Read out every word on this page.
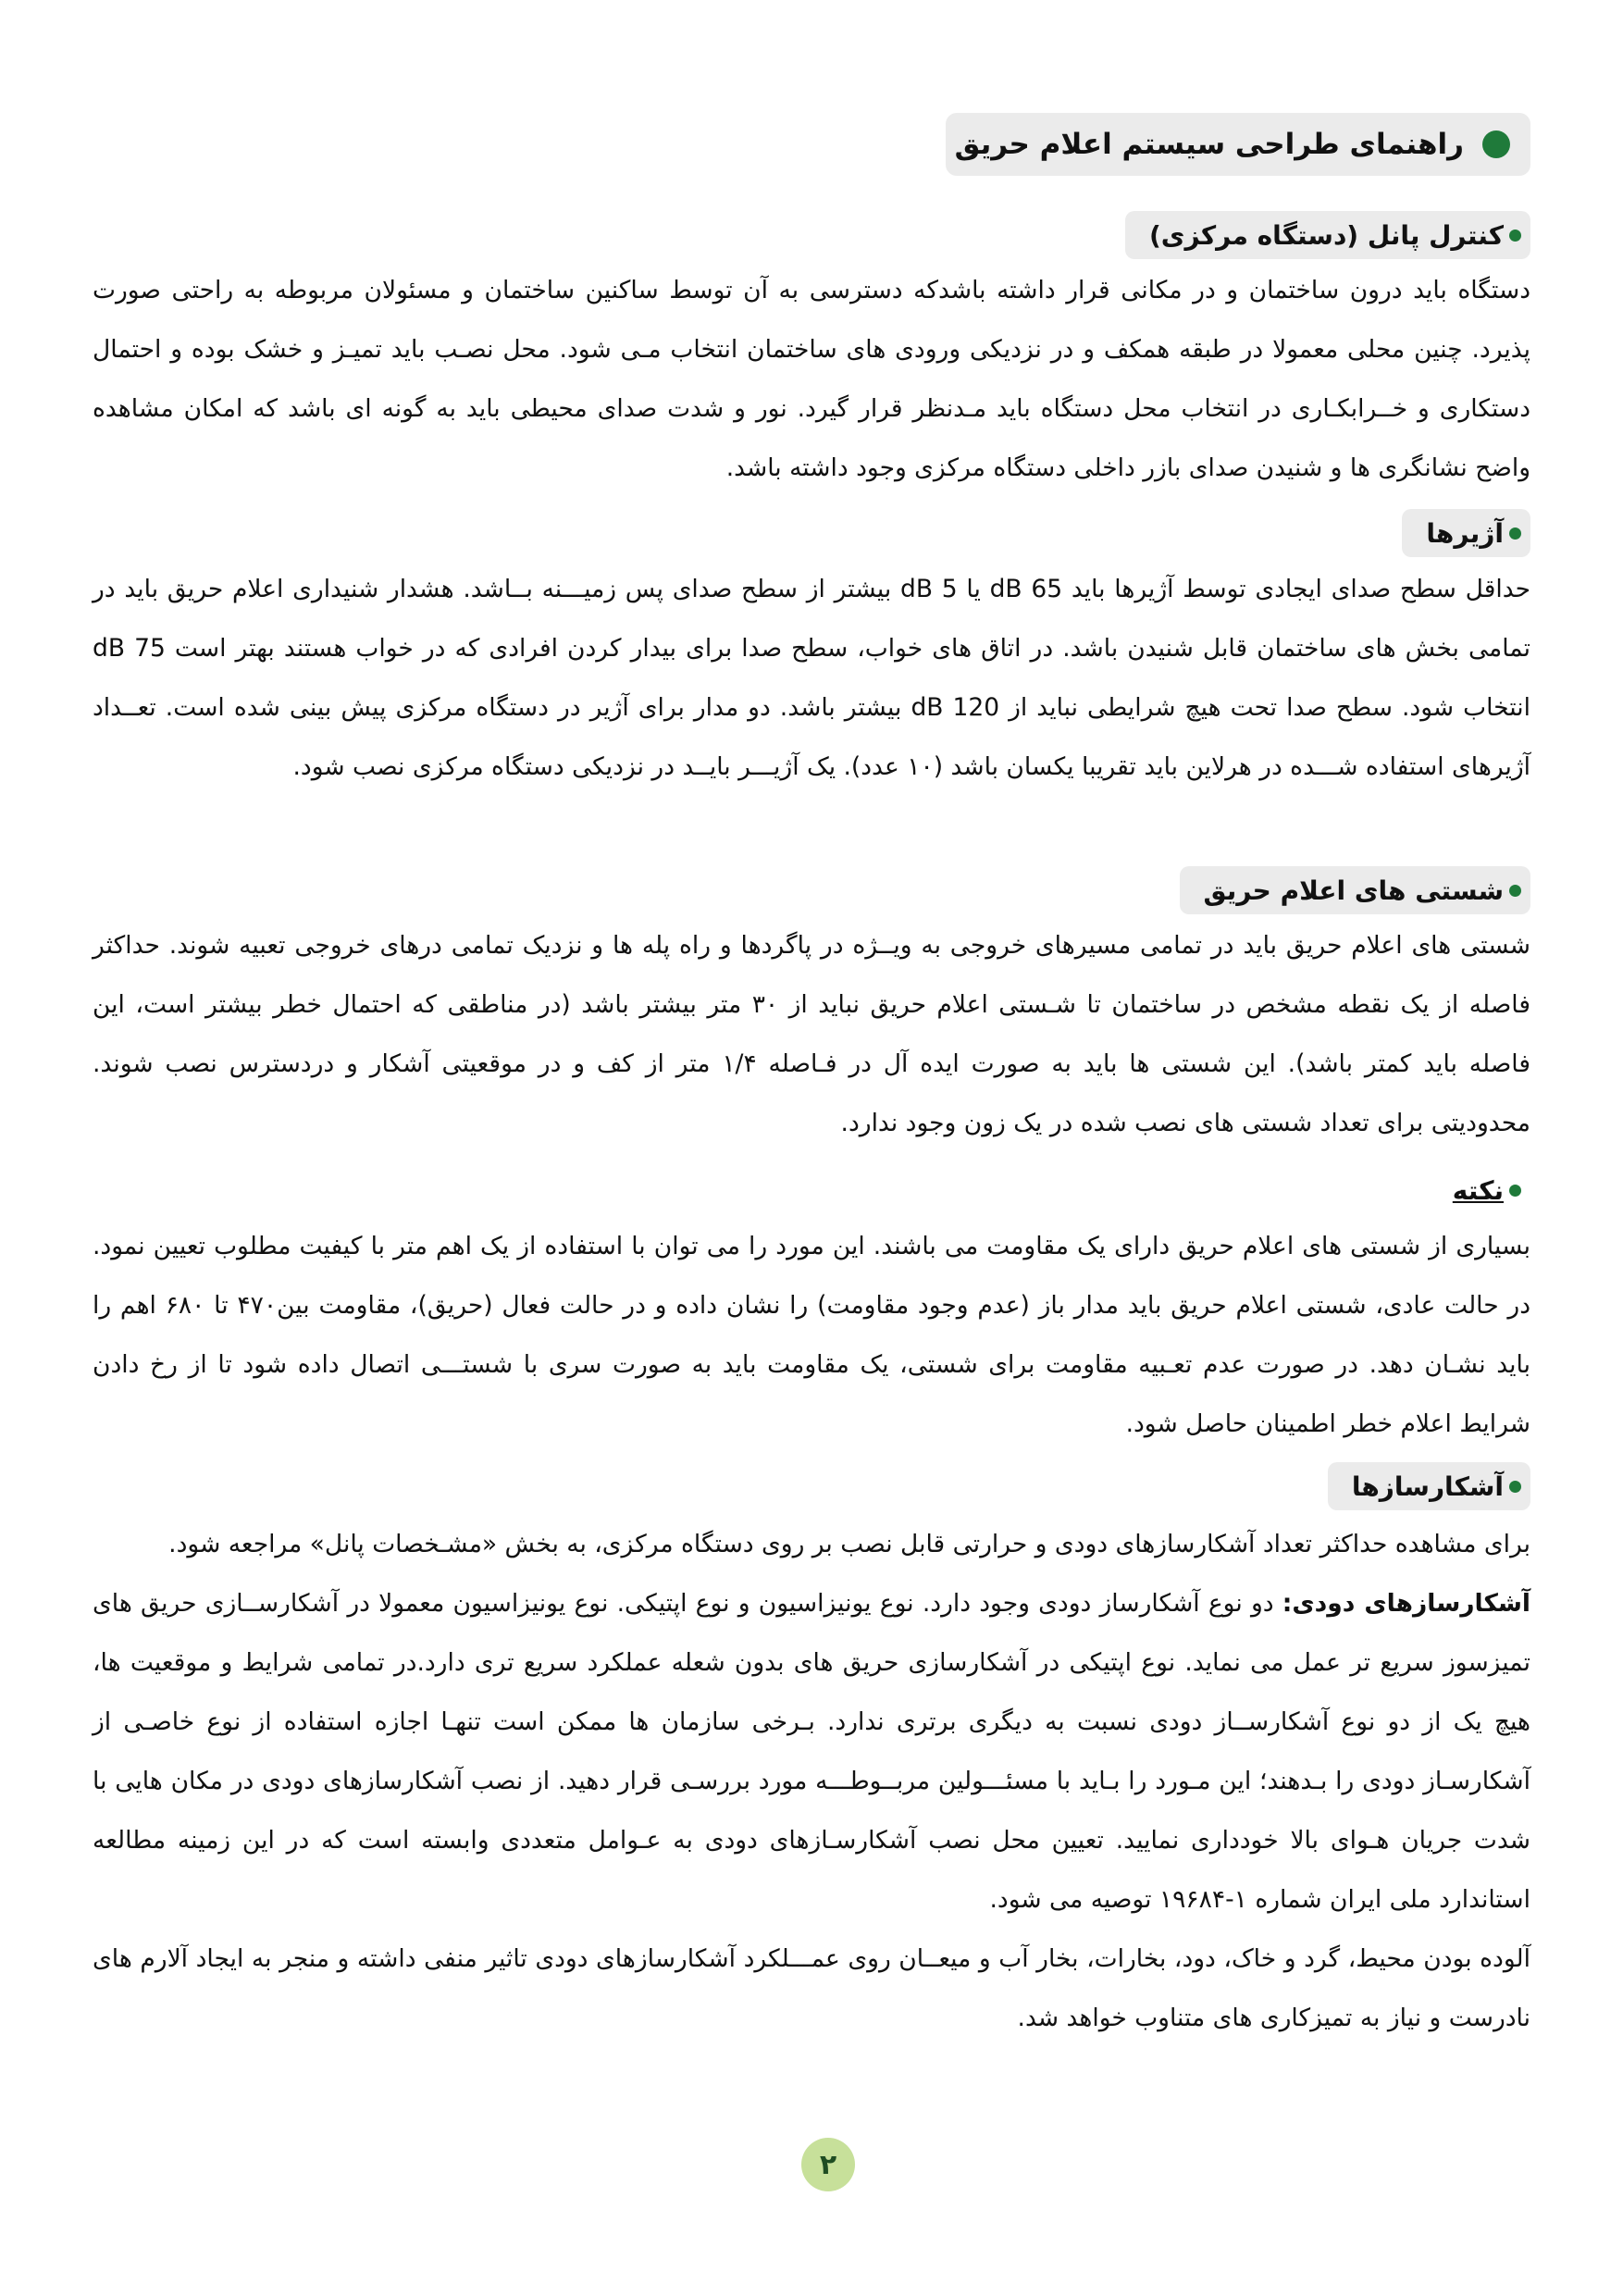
راهنمای طراحی سیستم اعلام حریق
کنترل پانل (دستگاه مرکزی)

دستگاه باید درون ساختمان و در مکانی قرار داشته باشدکه دسترسی به آن توسط ساکنین ساختمان و مسئولان مربوطه به راحتی صورت پذیرد. چنین محلی معمولا در طبقه همکف و در نزدیکی ورودی های ساختمان انتخاب مـی شود. محل نصـب باید تمیـز و خشک بوده و احتمال دستکاری و خــرابکـاری در انتخاب محل دستگاه باید مـدنظر قرار گیرد. نور و شدت صدای محیطی باید به گونه ای باشد که امکان مشاهده واضح نشانگری ها و شنیدن صدای بازر داخلی دستگاه مرکزی وجود داشته باشد.

آژیرها

حداقل سطح صدای ایجادی توسط آژیرها باید 65 dB یا 5 dB بیشتر از سطح صدای پس زمیـــنه بــاشد. هشدار شنیداری اعلام حریق باید در تمامی بخش های ساختمان قابل شنیدن باشد. در اتاق های خواب، سطح صدا برای بیدار کردن افرادی که در خواب هستند بهتر است 75 dB انتخاب شود. سطح صدا تحت هیچ شرایطی نباید از 120 dB بیشتر باشد. دو مدار برای آژیر در دستگاه مرکزی پیش بینی شده است. تعــداد آژیرهای استفاده شـــده در هرلاین باید تقریبا یکسان باشد (۱۰ عدد). یک آژیـــر بایــد در نزدیکی دستگاه مرکزی نصب شود.

شستی های اعلام حریق

شستی های اعلام حریق باید در تمامی مسیرهای خروجی به ویــژه در پاگردها و راه پله ها و نزدیک تمامی درهای خروجی تعبیه شوند. حداکثر فاصله از یک نقطه مشخص در ساختمان تا شـستی اعلام حریق نباید از ۳۰ متر بیشتر باشد (در مناطقی که احتمال خطر بیشتر است، این فاصله باید کمتر باشد). این شستی ها باید به صورت ایده آل در فـاصله ۱/۴ متر از کف و در موقعیتی آشکار و دردسترس نصب شوند. محدودیتی برای تعداد شستی های نصب شده در یک زون وجود ندارد.

نکته

بسیاری از شستی های اعلام حریق دارای یک مقاومت می باشند. این مورد را می توان با استفاده از یک اهم متر با کیفیت مطلوب تعیین نمود. در حالت عادی، شستی اعلام حریق باید مدار باز (عدم وجود مقاومت) را نشان داده و در حالت فعال (حریق)، مقاومت بین۴۷۰ تا ۶۸۰ اهم را باید نشـان دهد. در صورت عدم تعـبیه مقاومت برای شستی، یک مقاومت باید به صورت سری با شستـــی اتصال داده شود تا از رخ دادن شرایط اعلام خطر اطمینان حاصل شود.

آشکارسازها

برای مشاهده حداکثر تعداد آشکارسازهای دودی و حرارتی قابل نصب بر روی دستگاه مرکزی، به بخش «مشـخصات پانل» مراجعه شود.

آشکارسازهای دودی: دو نوع آشکارساز دودی وجود دارد. نوع یونیزاسیون و نوع اپتیکی. نوع یونیزاسیون معمولا در آشکارســازی حریق های تمیزسوز سریع تر عمل می نماید. نوع اپتیکی در آشکارسازی حریق های بدون شعله عملکرد سریع تری دارد.در تمامی شرایط و موقعیت ها، هیچ یک از دو نوع آشکارســاز دودی نسبت به دیگری برتری ندارد. بـرخی سازمان ها ممکن است تنهـا اجازه استفاده از نوع خاصـی از آشکارسـاز دودی را بـدهند؛ این مـورد را بـاید با مسئـــولین مربــوطـــه مورد بررسـی قرار دهید. از نصب آشکارسازهای دودی در مکان هایی با شدت جریان هـوای بالا خودداری نمایید. تعیین محل نصب آشکارسـازهای دودی به عـوامل متعددی وابسته است که در این زمینه مطالعه استاندارد ملی ایران شماره ۱-۱۹۶۸۴ توصیه می شود.

آلوده بودن محیط، گرد و خاک، دود، بخارات، بخار آب و میعــان روی عمـــلکرد آشکارسازهای دودی تاثیر منفی داشته و منجر به ایجاد آلارم های نادرست و نیاز به تمیزکاری های متناوب خواهد شد.

۲
